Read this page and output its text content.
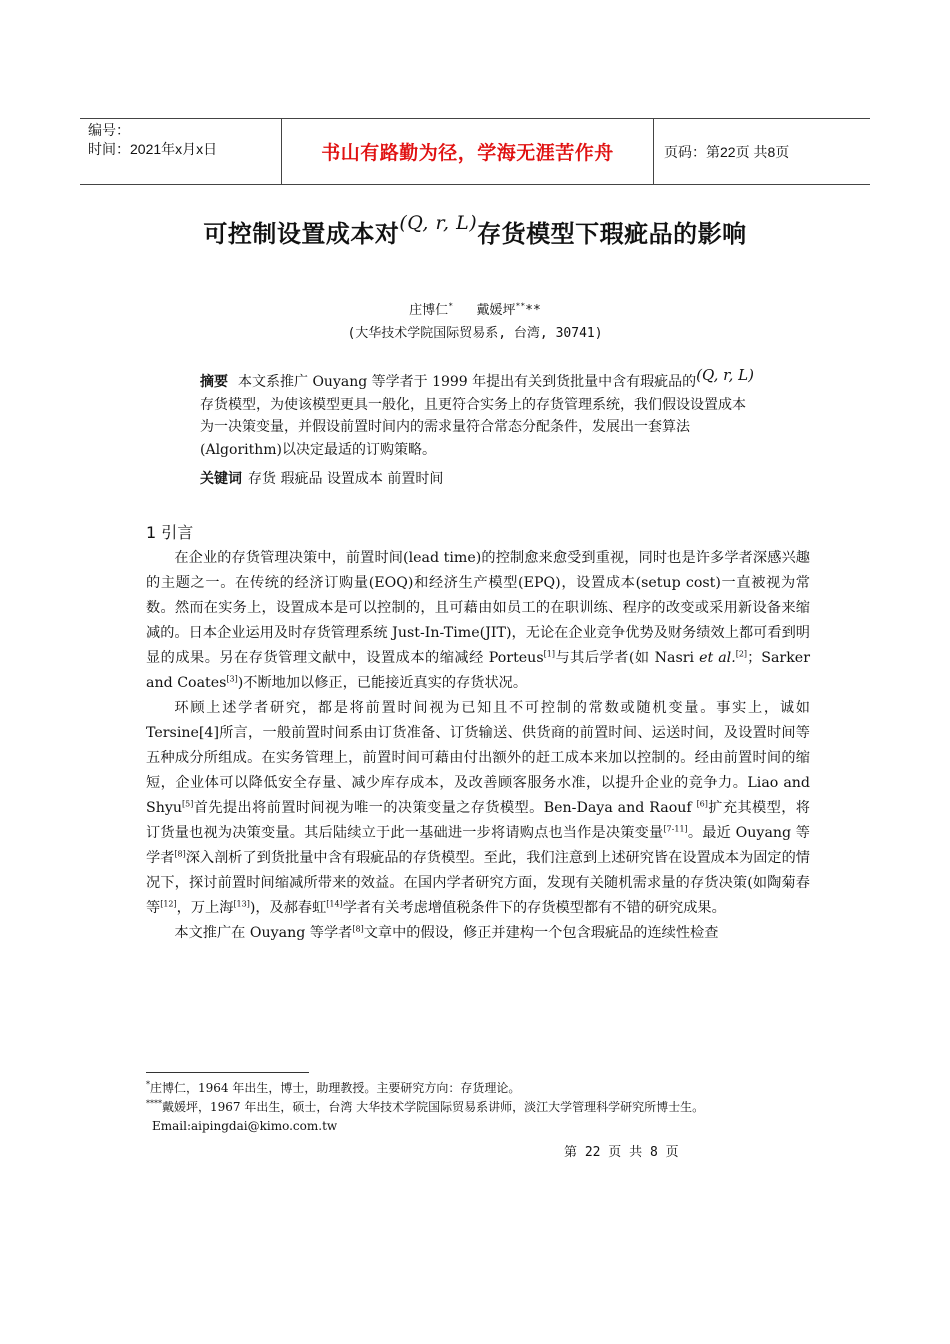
编号：
时间：2021年x月x日	书山有路勤为径，学海无涯苦作舟	页码：第22页 共8页
可控制设置成本对$^{(Q, r, L)}$存货模型下瑕疵品的影响
庄博仁* 戴媛坪****
(大华技术学院国际贸易系, 台湾, 30741)
摘要 本文系推广 Ouyang 等学者于 1999 年提出有关到货批量中含有瑕疵品的(Q, r, L)存货模型，为使该模型更具一般化，且更符合实务上的存货管理系统，我们假设设置成本为一决策变量，并假设前置时间内的需求量符合常态分配条件，发展出一套算法(Algorithm)以决定最适的订购策略。
关键词 存货 瑕疵品 设置成本 前置时间
1 引言

在企业的存货管理决策中，前置时间(lead time)的控制愈来愈受到重视，同时也是许多学者深感兴趣的主题之一。在传统的经济订购量(EOQ)和经济生产模型(EPQ)，设置成本(setup cost)一直被视为常数。然而在实务上，设置成本是可以控制的，且可藉由如员工的在职训练、程序的改变或采用新设备来缩减的。日本企业运用及时存货管理系统 Just-In-Time(JIT)，无论在企业竞争优势及财务绩效上都可看到明显的成果。另在存货管理文献中，设置成本的缩减经 Porteus[1]与其后学者(如 Nasri et al.[2]；Sarker and Coates[3])不断地加以修正，已能接近真实的存货状况。

环顾上述学者研究，都是将前置时间视为已知且不可控制的常数或随机变量。事实上，诚如 Tersine[4]所言，一般前置时间系由订货准备、订货输送、供货商的前置时间、运送时间，及设置时间等五种成分所组成。在实务管理上，前置时间可藉由付出额外的赶工成本来加以控制的。经由前置时间的缩短，企业体可以降低安全存量、减少库存成本，及改善顾客服务水准，以提升企业的竞争力。Liao and Shyu[5]首先提出将前置时间视为唯一的决策变量之存货模型。Ben-Daya and Raouf [6]扩充其模型，将订货量也视为决策变量。其后陆续立于此一基础进一步将请购点也当作是决策变量[7-11]。最近 Ouyang 等学者[8]深入剖析了到货批量中含有瑕疵品的存货模型。至此，我们注意到上述研究皆在设置成本为固定的情况下，探讨前置时间缩减所带来的效益。在国内学者研究方面，发现有关随机需求量的存货决策(如陶菊春等[12]，万上海[13])，及郝春虹[14]学者有关考虑增值税条件下的存货模型都有不错的研究成果。

本文推广在 Ouyang 等学者[8]文章中的假设，修正并建构一个包含瑕疵品的连续性检查

*庄博仁，1964 年出生，博士，助理教授。主要研究方向：存货理论。
****戴媛坪，1967 年出生，硕士，台湾 大华技术学院国际贸易系讲师，淡江大学管理科学研究所博士生。
Email:aipingdai@kimo.com.tw
第 22 页 共 8 页
